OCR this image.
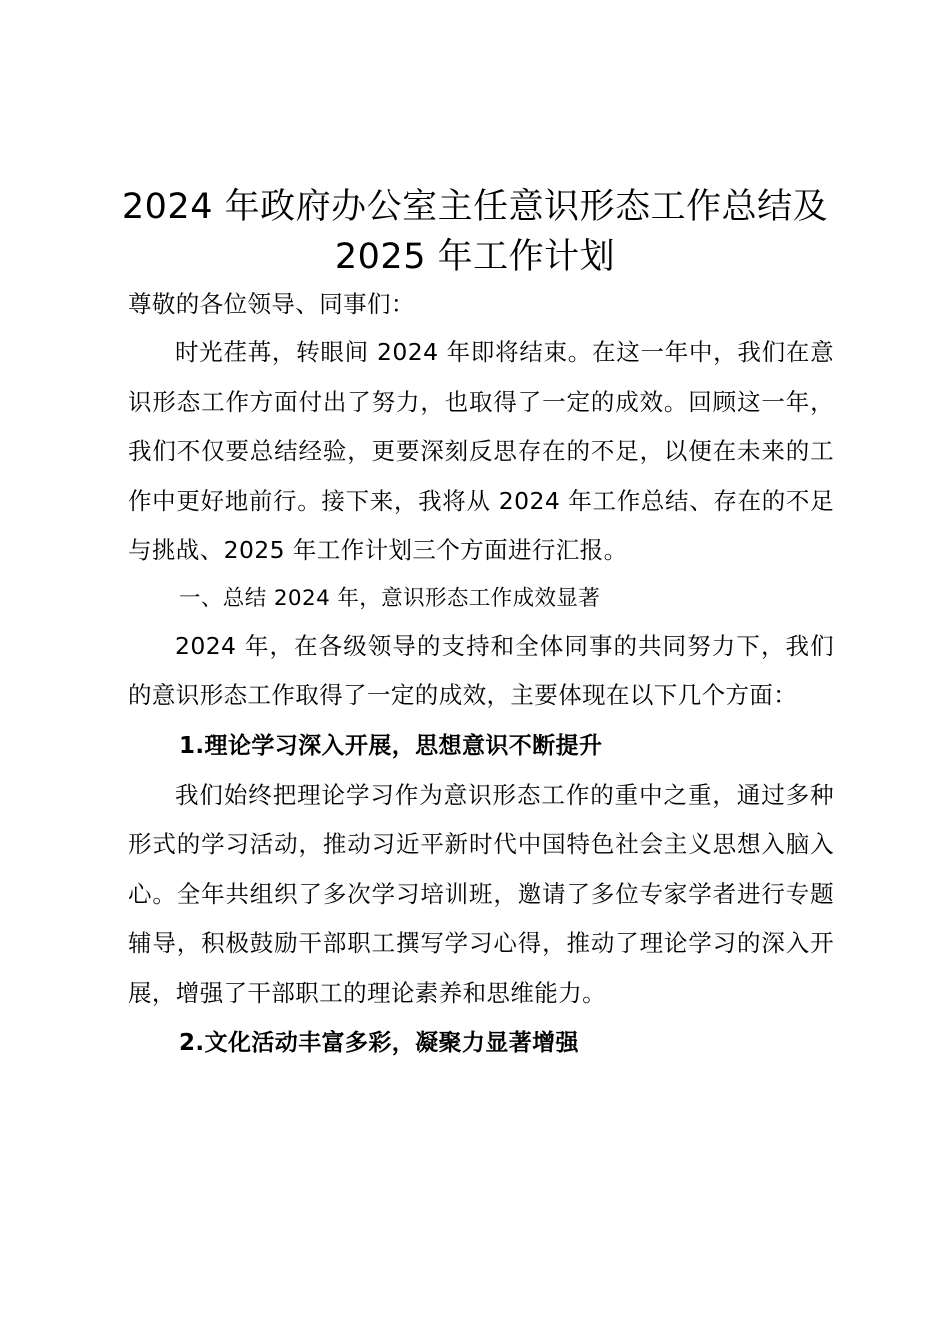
2024 年政府办公室主任意识形态工作总结及
2025 年工作计划

尊敬的各位领导、同事们：

时光荏苒，转眼间 2024 年即将结束。在这一年中，我们在意识形态工作方面付出了努力，也取得了一定的成效。回顾这一年，我们不仅要总结经验，更要深刻反思存在的不足，以便在未来的工作中更好地前行。接下来，我将从 2024 年工作总结、存在的不足与挑战、2025 年工作计划三个方面进行汇报。

一、总结 2024 年，意识形态工作成效显著

2024 年，在各级领导的支持和全体同事的共同努力下，我们的意识形态工作取得了一定的成效，主要体现在以下几个方面：

1.理论学习深入开展，思想意识不断提升

我们始终把理论学习作为意识形态工作的重中之重，通过多种形式的学习活动，推动习近平新时代中国特色社会主义思想入脑入心。全年共组织了多次学习培训班，邀请了多位专家学者进行专题辅导，积极鼓励干部职工撰写学习心得，推动了理论学习的深入开展，增强了干部职工的理论素养和思维能力。

2.文化活动丰富多彩，凝聚力显著增强
